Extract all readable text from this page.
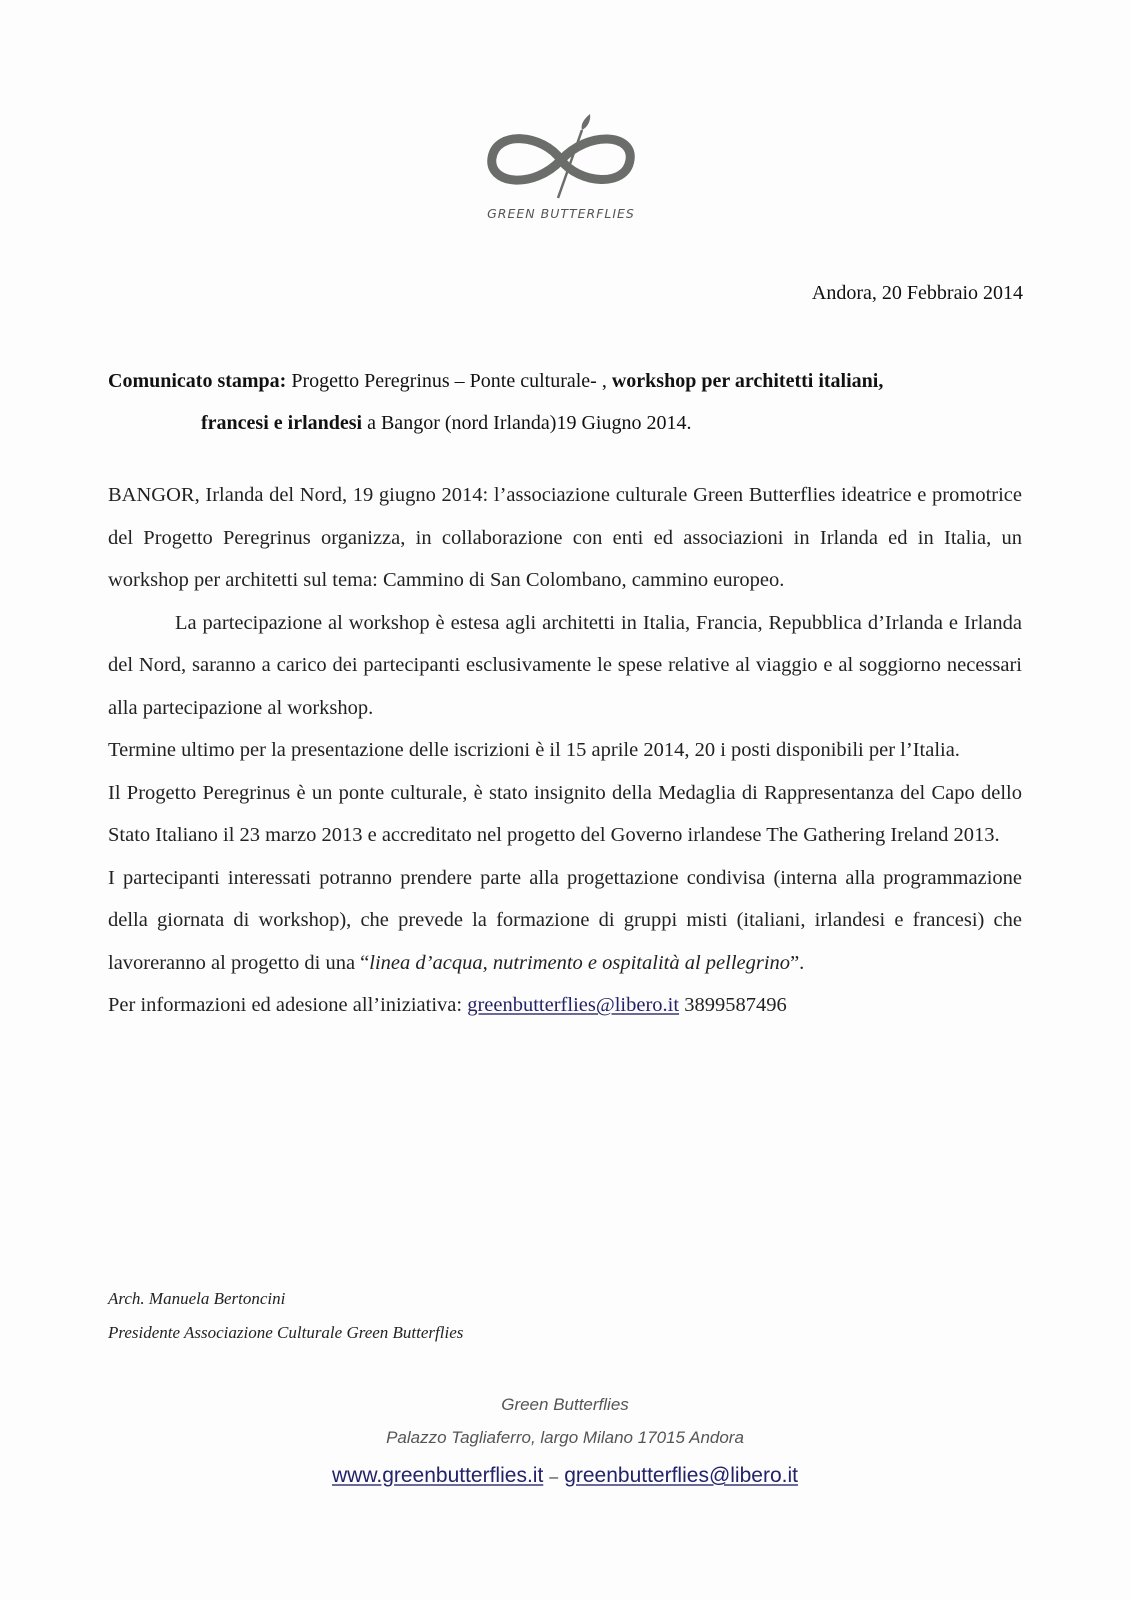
GREEN BUTTERFLIES
Andora, 20 Febbraio 2014
Comunicato stampa: Progetto Peregrinus – Ponte culturale- , workshop per architetti italiani,
francesi e irlandesi a Bangor (nord Irlanda)19 Giugno 2014.

BANGOR, Irlanda del Nord, 19 giugno 2014: l’associazione culturale Green Butterflies ideatrice e promotrice del Progetto Peregrinus organizza, in collaborazione con enti ed associazioni in Irlanda ed in Italia, un workshop per architetti sul tema: Cammino di San Colombano, cammino europeo.

La partecipazione al workshop è estesa agli architetti in Italia, Francia, Repubblica d’Irlanda e Irlanda del Nord, saranno a carico dei partecipanti esclusivamente le spese relative al viaggio e al soggiorno necessari alla partecipazione al workshop.

Termine ultimo per la presentazione delle iscrizioni è il 15 aprile 2014, 20 i posti disponibili per l’Italia.

Il Progetto Peregrinus è un ponte culturale, è stato insignito della Medaglia di Rappresentanza del Capo dello Stato Italiano il 23 marzo 2013 e accreditato nel progetto del Governo irlandese The Gathering Ireland 2013.

I partecipanti interessati potranno prendere parte alla progettazione condivisa (interna alla programmazione della giornata di workshop), che prevede la formazione di gruppi misti (italiani, irlandesi e francesi) che lavoreranno al progetto di una “linea d’acqua, nutrimento e ospitalità al pellegrino”.

Per informazioni ed adesione all’iniziativa: greenbutterflies@libero.it 3899587496

Arch. Manuela Bertoncini
Presidente Associazione Culturale Green Butterflies
Green Butterflies
Palazzo Tagliaferro, largo Milano 17015 Andora
www.greenbutterflies.it – greenbutterflies@libero.it
